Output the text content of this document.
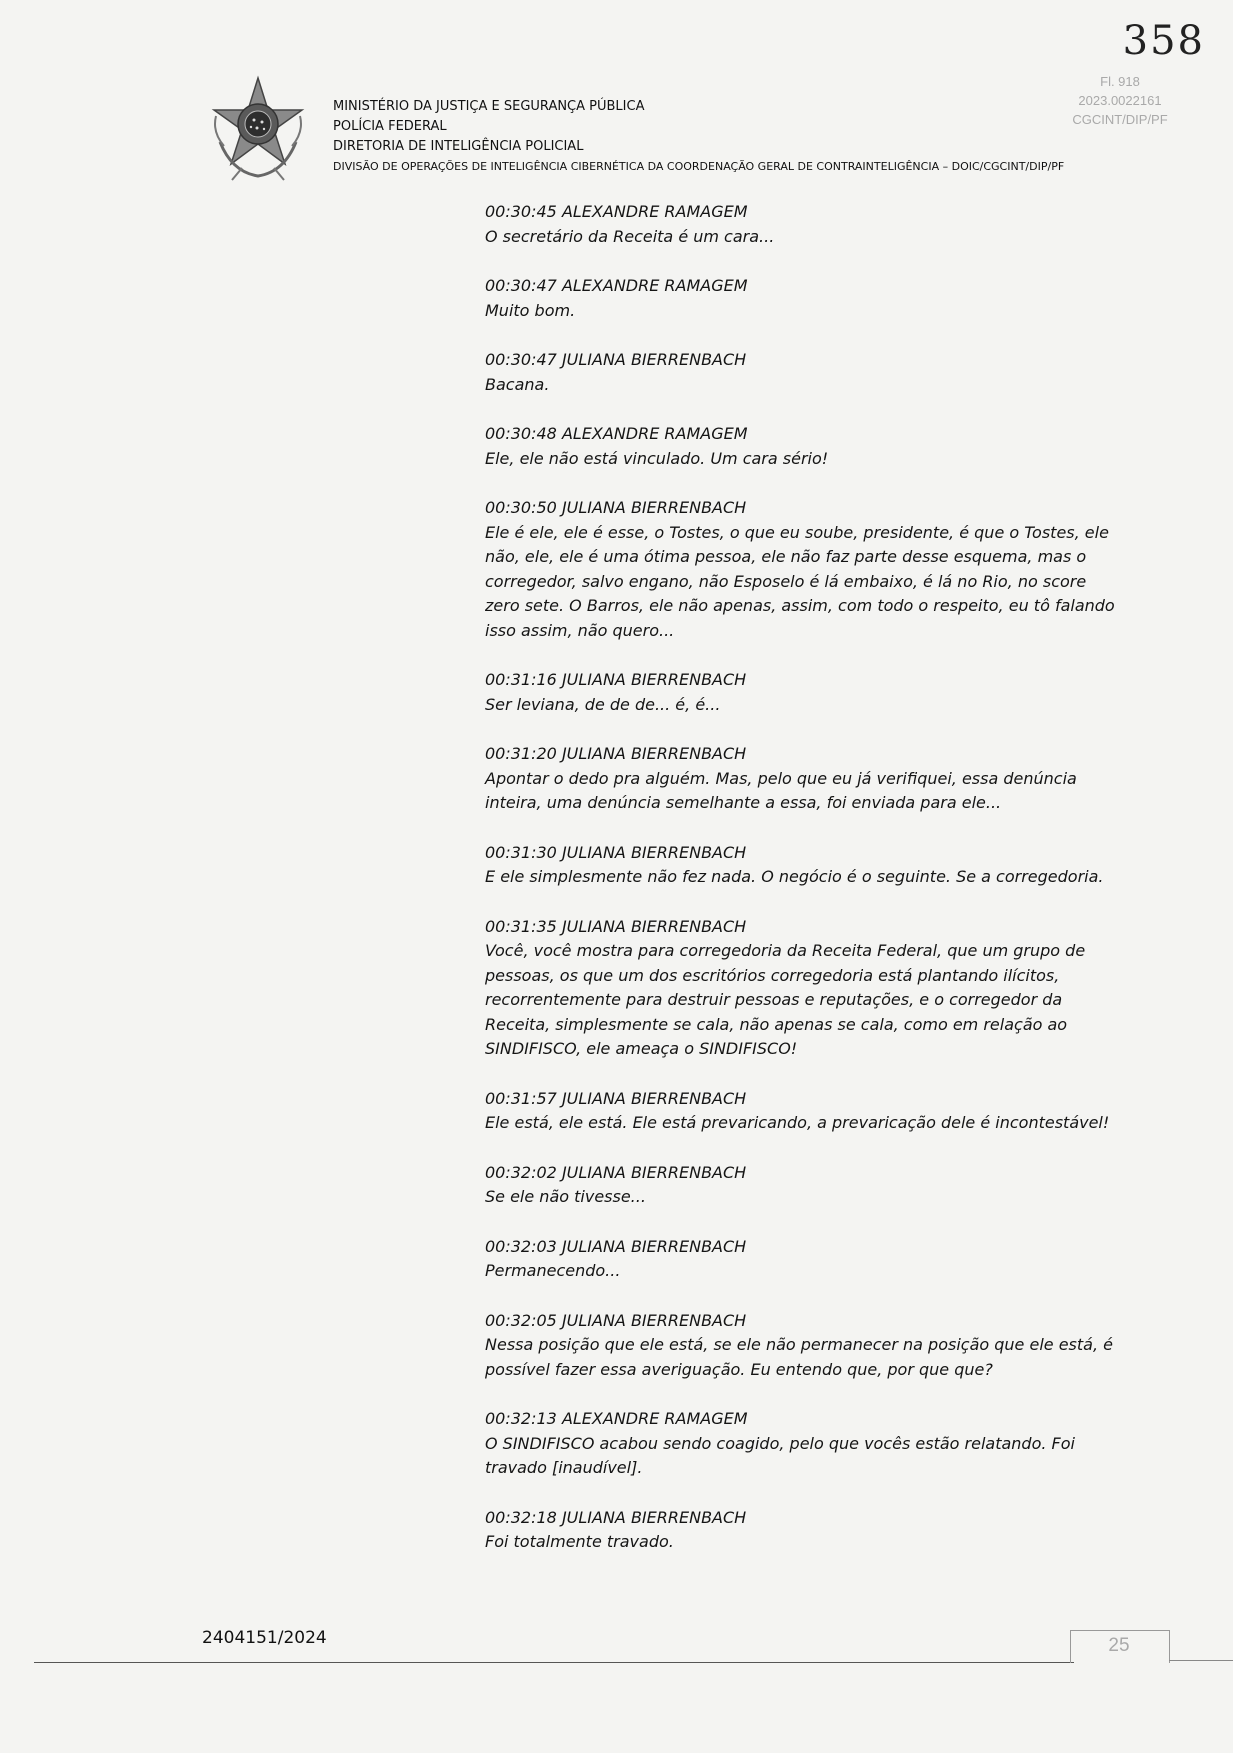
358
Fl. 918
2023.0022161
CGCINT/DIP/PF
MINISTÉRIO DA JUSTIÇA E SEGURANÇA PÚBLICA
POLÍCIA FEDERAL
DIRETORIA DE INTELIGÊNCIA POLICIAL
DIVISÃO DE OPERAÇÕES DE INTELIGÊNCIA CIBERNÉTICA DA COORDENAÇÃO GERAL DE CONTRAINTELIGÊNCIA – DOIC/CGCINT/DIP/PF
00:30:45 ALEXANDRE RAMAGEM
O secretário da Receita é um cara...
00:30:47 ALEXANDRE RAMAGEM
Muito bom.
00:30:47 JULIANA BIERRENBACH
Bacana.
00:30:48 ALEXANDRE RAMAGEM
Ele, ele não está vinculado. Um cara sério!
00:30:50 JULIANA BIERRENBACH
Ele é ele, ele é esse, o Tostes, o que eu soube, presidente, é que o Tostes, ele não, ele, ele é uma ótima pessoa, ele não faz parte desse esquema, mas o corregedor, salvo engano, não Esposelo é lá embaixo, é lá no Rio, no score zero sete. O Barros, ele não apenas, assim, com todo o respeito, eu tô falando isso assim, não quero...
00:31:16 JULIANA BIERRENBACH
Ser leviana, de de de... é, é...
00:31:20 JULIANA BIERRENBACH
Apontar o dedo pra alguém. Mas, pelo que eu já verifiquei, essa denúncia inteira, uma denúncia semelhante a essa, foi enviada para ele...
00:31:30 JULIANA BIERRENBACH
E ele simplesmente não fez nada. O negócio é o seguinte. Se a corregedoria.
00:31:35 JULIANA BIERRENBACH
Você, você mostra para corregedoria da Receita Federal, que um grupo de pessoas, os que um dos escritórios corregedoria está plantando ilícitos, recorrentemente para destruir pessoas e reputações, e o corregedor da Receita, simplesmente se cala, não apenas se cala, como em relação ao SINDIFISCO, ele ameaça o SINDIFISCO!
00:31:57 JULIANA BIERRENBACH
Ele está, ele está. Ele está prevaricando, a prevaricação dele é incontestável!
00:32:02 JULIANA BIERRENBACH
Se ele não tivesse...
00:32:03 JULIANA BIERRENBACH
Permanecendo...
00:32:05 JULIANA BIERRENBACH
Nessa posição que ele está, se ele não permanecer na posição que ele está, é possível fazer essa averiguação. Eu entendo que, por que que?
00:32:13 ALEXANDRE RAMAGEM
O SINDIFISCO acabou sendo coagido, pelo que vocês estão relatando. Foi travado [inaudível].
00:32:18 JULIANA BIERRENBACH
Foi totalmente travado.
2404151/2024	25
